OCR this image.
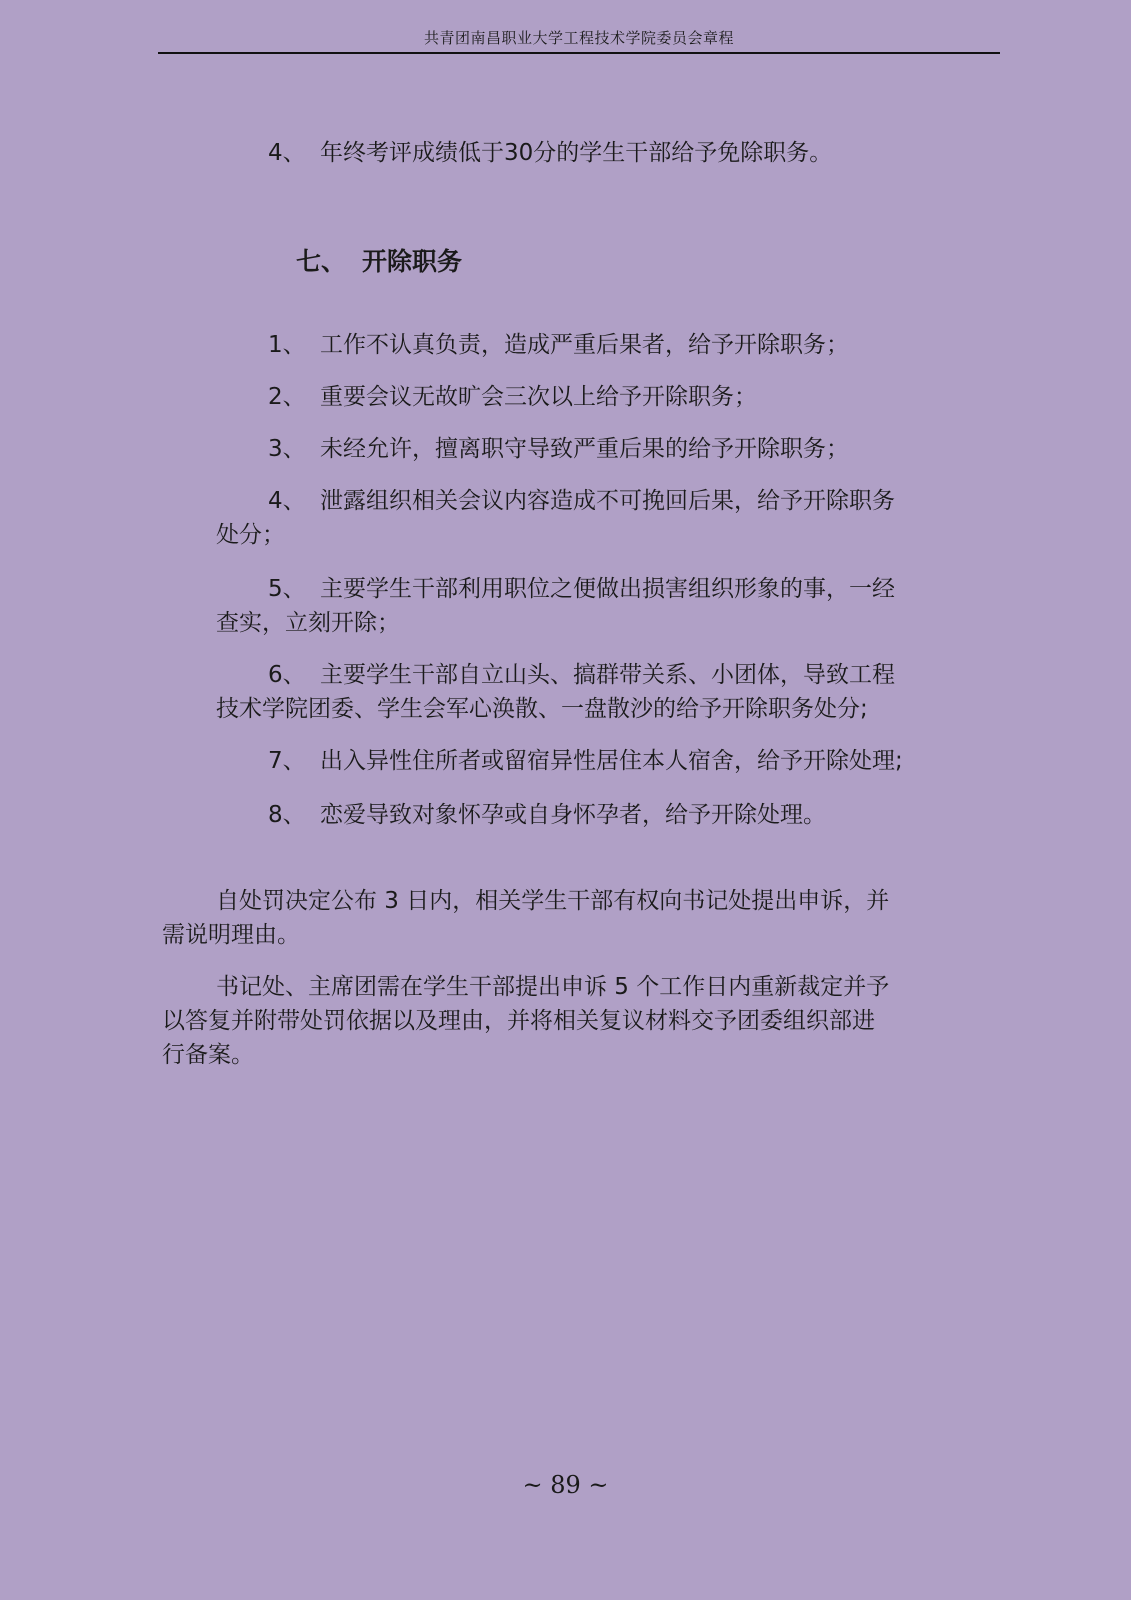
共青团南昌职业大学工程技术学院委员会章程
4、 年终考评成绩低于30分的学生干部给予免除职务。
七、 开除职务
1、 工作不认真负责，造成严重后果者，给予开除职务；
2、 重要会议无故旷会三次以上给予开除职务；
3、 未经允许，擅离职守导致严重后果的给予开除职务；
4、 泄露组织相关会议内容造成不可挽回后果，给予开除职务
处分；
5、 主要学生干部利用职位之便做出损害组织形象的事，一经
查实，立刻开除；
6、 主要学生干部自立山头、搞群带关系、小团体，导致工程
技术学院团委、学生会军心涣散、一盘散沙的给予开除职务处分;
7、 出入异性住所者或留宿异性居住本人宿舍，给予开除处理;
8、 恋爱导致对象怀孕或自身怀孕者，给予开除处理。
自处罚决定公布 3 日内，相关学生干部有权向书记处提出申诉，并
需说明理由。
书记处、主席团需在学生干部提出申诉 5 个工作日内重新裁定并予
以答复并附带处罚依据以及理由，并将相关复议材料交予团委组织部进
行备案。
~ 89 ~
